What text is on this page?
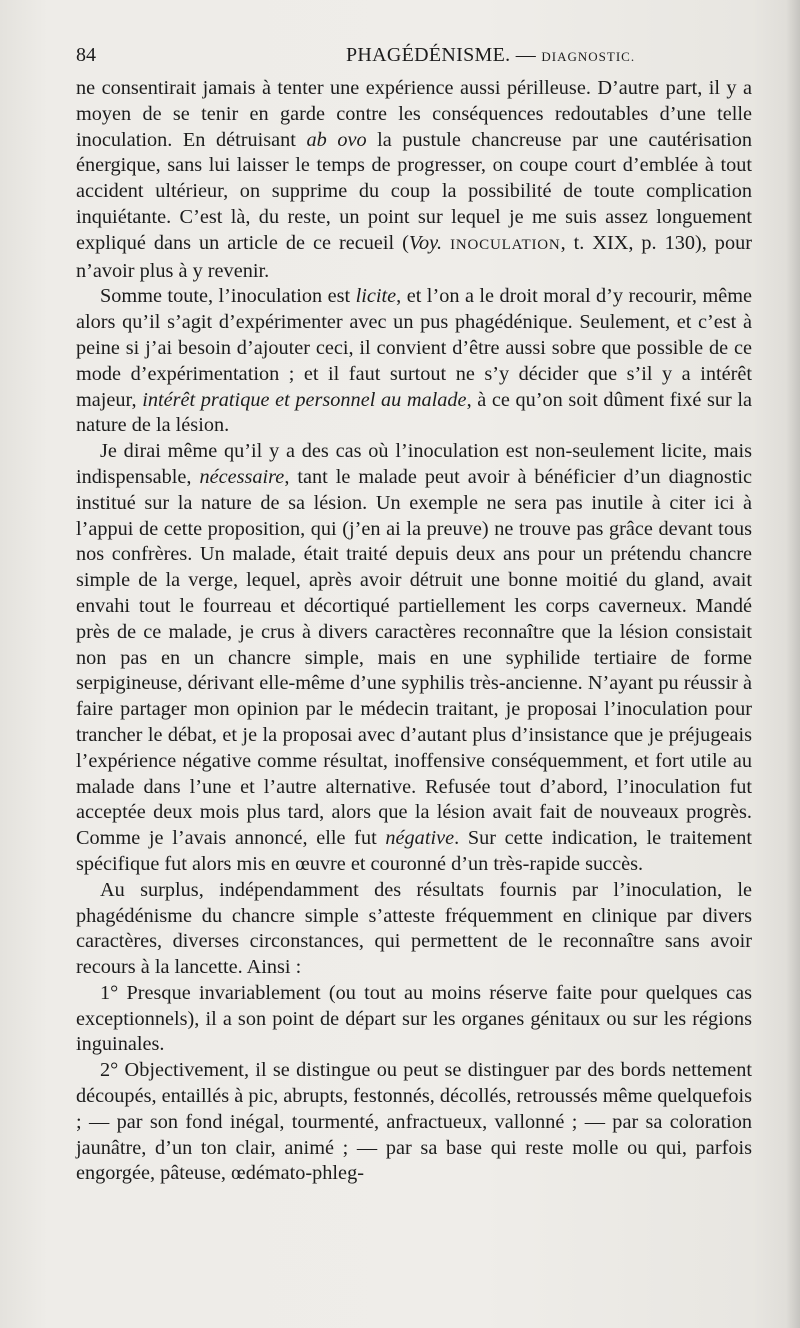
84	PHAGÉDÉNISME. — DIAGNOSTIC.

ne consentirait jamais à tenter une expérience aussi périlleuse. D’autre part, il y a moyen de se tenir en garde contre les conséquences redoutables d’une telle inoculation. En détruisant ab ovo la pustule chancreuse par une cautérisation énergique, sans lui laisser le temps de progresser, on coupe court d’emblée à tout accident ultérieur, on supprime du coup la possibilité de toute complication inquiétante. C’est là, du reste, un point sur lequel je me suis assez longuement expliqué dans un article de ce recueil (Voy. INOCULATION, t. XIX, p. 130), pour n’avoir plus à y revenir.

Somme toute, l’inoculation est licite, et l’on a le droit moral d’y recourir, même alors qu’il s’agit d’expérimenter avec un pus phagédénique. Seulement, et c’est à peine si j’ai besoin d’ajouter ceci, il convient d’être aussi sobre que possible de ce mode d’expérimentation ; et il faut surtout ne s’y décider que s’il y a intérêt majeur, intérêt pratique et personnel au malade, à ce qu’on soit dûment fixé sur la nature de la lésion.

Je dirai même qu’il y a des cas où l’inoculation est non-seulement licite, mais indispensable, nécessaire, tant le malade peut avoir à bénéficier d’un diagnostic institué sur la nature de sa lésion. Un exemple ne sera pas inutile à citer ici à l’appui de cette proposition, qui (j’en ai la preuve) ne trouve pas grâce devant tous nos confrères. Un malade, était traité depuis deux ans pour un prétendu chancre simple de la verge, lequel, après avoir détruit une bonne moitié du gland, avait envahi tout le fourreau et décortiqué partiellement les corps caverneux. Mandé près de ce malade, je crus à divers caractères reconnaître que la lésion consistait non pas en un chancre simple, mais en une syphilide tertiaire de forme serpigineuse, dérivant elle-même d’une syphilis très-ancienne. N’ayant pu réussir à faire partager mon opinion par le médecin traitant, je proposai l’inoculation pour trancher le débat, et je la proposai avec d’autant plus d’insistance que je préjugeais l’expérience négative comme résultat, inoffensive conséquemment, et fort utile au malade dans l’une et l’autre alternative. Refusée tout d’abord, l’inoculation fut acceptée deux mois plus tard, alors que la lésion avait fait de nouveaux progrès. Comme je l’avais annoncé, elle fut négative. Sur cette indication, le traitement spécifique fut alors mis en œuvre et couronné d’un très-rapide succès.

Au surplus, indépendamment des résultats fournis par l’inoculation, le phagédénisme du chancre simple s’atteste fréquemment en clinique par divers caractères, diverses circonstances, qui permettent de le reconnaître sans avoir recours à la lancette. Ainsi :

1° Presque invariablement (ou tout au moins réserve faite pour quelques cas exceptionnels), il a son point de départ sur les organes génitaux ou sur les régions inguinales.

2° Objectivement, il se distingue ou peut se distinguer par des bords nettement découpés, entaillés à pic, abrupts, festonnés, décollés, retroussés même quelquefois ; — par son fond inégal, tourmenté, anfractueux, vallonné ; — par sa coloration jaunâtre, d’un ton clair, animé ; — par sa base qui reste molle ou qui, parfois engorgée, pâteuse, œdémato-phleg-
